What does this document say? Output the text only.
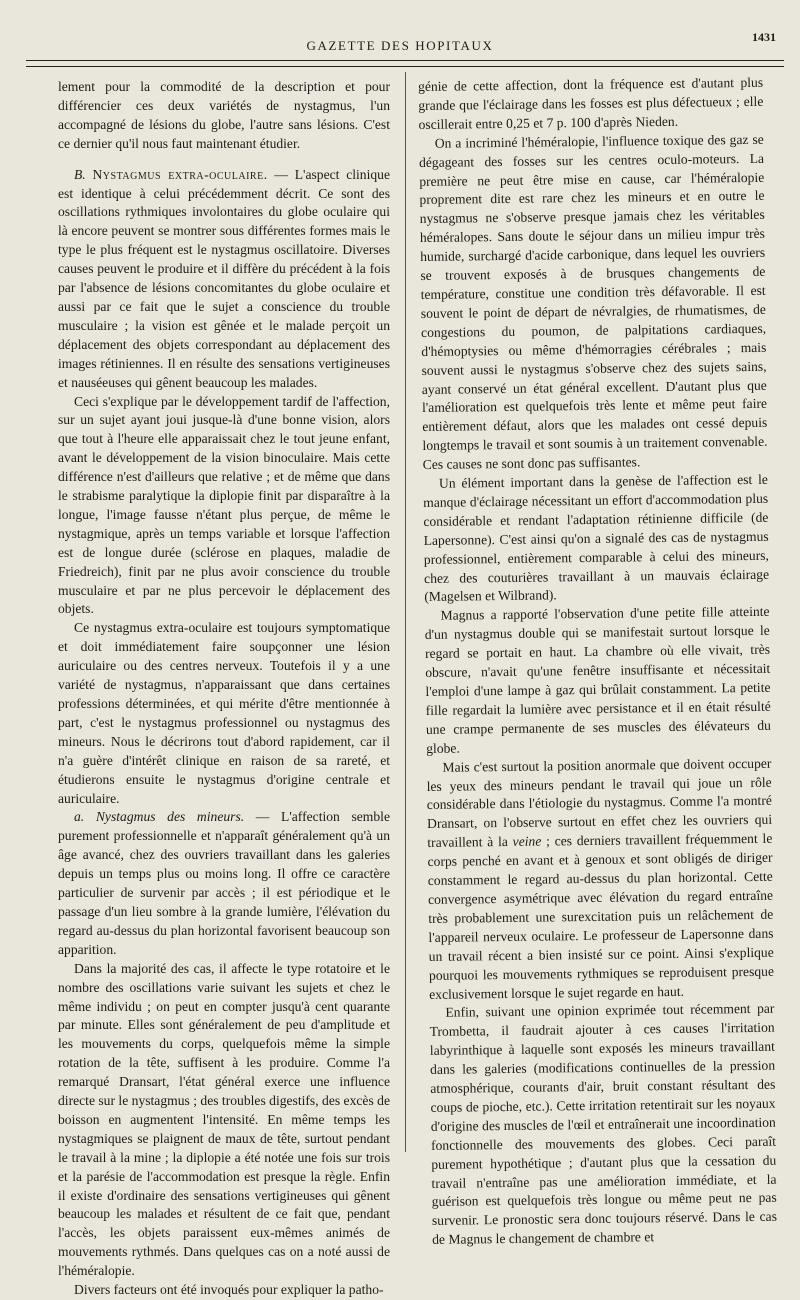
GAZETTE DES HOPITAUX
1431

lement pour la commodité de la description et pour différencier ces deux variétés de nystagmus, l'un accompagné de lésions du globe, l'autre sans lésions. C'est ce dernier qu'il nous faut maintenant étudier.

B. Nystagmus extra-oculaire. — L'aspect clinique est identique à celui précédemment décrit. Ce sont des oscillations rythmiques involontaires du globe oculaire qui là encore peuvent se montrer sous différentes formes mais le type le plus fréquent est le nystagmus oscillatoire. Diverses causes peuvent le produire et il diffère du précédent à la fois par l'absence de lésions concomitantes du globe oculaire et aussi par ce fait que le sujet a conscience du trouble musculaire ; la vision est gênée et le malade perçoit un déplacement des objets correspondant au déplacement des images rétiniennes. Il en résulte des sensations vertigineuses et nauséeuses qui gênent beaucoup les malades.

Ceci s'explique par le développement tardif de l'affection, sur un sujet ayant joui jusque-là d'une bonne vision, alors que tout à l'heure elle apparaissait chez le tout jeune enfant, avant le développement de la vision binoculaire. Mais cette différence n'est d'ailleurs que relative ; et de même que dans le strabisme paralytique la diplopie finit par disparaître à la longue, l'image fausse n'étant plus perçue, de même le nystagmique, après un temps variable et lorsque l'affection est de longue durée (sclérose en plaques, maladie de Friedreich), finit par ne plus avoir conscience du trouble musculaire et par ne plus percevoir le déplacement des objets.

Ce nystagmus extra-oculaire est toujours symptomatique et doit immédiatement faire soupçonner une lésion auriculaire ou des centres nerveux. Toutefois il y a une variété de nystagmus, n'apparaissant que dans certaines professions déterminées, et qui mérite d'être mentionnée à part, c'est le nystagmus professionnel ou nystagmus des mineurs. Nous le décrirons tout d'abord rapidement, car il n'a guère d'intérêt clinique en raison de sa rareté, et étudierons ensuite le nystagmus d'origine centrale et auriculaire.

a. Nystagmus des mineurs. — L'affection semble purement professionnelle et n'apparaît généralement qu'à un âge avancé, chez des ouvriers travaillant dans les galeries depuis un temps plus ou moins long. Il offre ce caractère particulier de survenir par accès ; il est périodique et le passage d'un lieu sombre à la grande lumière, l'élévation du regard au-dessus du plan horizontal favorisent beaucoup son apparition.

Dans la majorité des cas, il affecte le type rotatoire et le nombre des oscillations varie suivant les sujets et chez le même individu ; on peut en compter jusqu'à cent quarante par minute. Elles sont généralement de peu d'amplitude et les mouvements du corps, quelquefois même la simple rotation de la tête, suffisent à les produire. Comme l'a remarqué Dransart, l'état général exerce une influence directe sur le nystagmus ; des troubles digestifs, des excès de boisson en augmentent l'intensité. En même temps les nystagmiques se plaignent de maux de tête, surtout pendant le travail à la mine ; la diplopie a été notée une fois sur trois et la parésie de l'accommodation est presque la règle. Enfin il existe d'ordinaire des sensations vertigineuses qui gênent beaucoup les malades et résultent de ce fait que, pendant l'accès, les objets paraissent eux-mêmes animés de mouvements rythmés. Dans quelques cas on a noté aussi de l'héméralopie.

Divers facteurs ont été invoqués pour expliquer la patho-

génie de cette affection, dont la fréquence est d'autant plus grande que l'éclairage dans les fosses est plus défectueux ; elle oscillerait entre 0,25 et 7 p. 100 d'après Nieden.

On a incriminé l'héméralopie, l'influence toxique des gaz se dégageant des fosses sur les centres oculo-moteurs. La première ne peut être mise en cause, car l'héméralopie proprement dite est rare chez les mineurs et en outre le nystagmus ne s'observe presque jamais chez les véritables héméralopes. Sans doute le séjour dans un milieu impur très humide, surchargé d'acide carbonique, dans lequel les ouvriers se trouvent exposés à de brusques changements de température, constitue une condition très défavorable. Il est souvent le point de départ de névralgies, de rhumatismes, de congestions du poumon, de palpitations cardiaques, d'hémoptysies ou même d'hémorragies cérébrales ; mais souvent aussi le nystagmus s'observe chez des sujets sains, ayant conservé un état général excellent. D'autant plus que l'amélioration est quelquefois très lente et même peut faire entièrement défaut, alors que les malades ont cessé depuis longtemps le travail et sont soumis à un traitement convenable. Ces causes ne sont donc pas suffisantes.

Un élément important dans la genèse de l'affection est le manque d'éclairage nécessitant un effort d'accommodation plus considérable et rendant l'adaptation rétinienne difficile (de Lapersonne). C'est ainsi qu'on a signalé des cas de nystagmus professionnel, entièrement comparable à celui des mineurs, chez des couturières travaillant à un mauvais éclairage (Magelsen et Wilbrand).

Magnus a rapporté l'observation d'une petite fille atteinte d'un nystagmus double qui se manifestait surtout lorsque le regard se portait en haut. La chambre où elle vivait, très obscure, n'avait qu'une fenêtre insuffisante et nécessitait l'emploi d'une lampe à gaz qui brûlait constamment. La petite fille regardait la lumière avec persistance et il en était résulté une crampe permanente de ses muscles des élévateurs du globe.

Mais c'est surtout la position anormale que doivent occuper les yeux des mineurs pendant le travail qui joue un rôle considérable dans l'étiologie du nystagmus. Comme l'a montré Dransart, on l'observe surtout en effet chez les ouvriers qui travaillent à la veine ; ces derniers travaillent fréquemment le corps penché en avant et à genoux et sont obligés de diriger constamment le regard au-dessus du plan horizontal. Cette convergence asymétrique avec élévation du regard entraîne très probablement une surexcitation puis un relâchement de l'appareil nerveux oculaire. Le professeur de Lapersonne dans un travail récent a bien insisté sur ce point. Ainsi s'explique pourquoi les mouvements rythmiques se reproduisent presque exclusivement lorsque le sujet regarde en haut.

Enfin, suivant une opinion exprimée tout récemment par Trombetta, il faudrait ajouter à ces causes l'irritation labyrinthique à laquelle sont exposés les mineurs travaillant dans les galeries (modifications continuelles de la pression atmosphérique, courants d'air, bruit constant résultant des coups de pioche, etc.). Cette irritation retentirait sur les noyaux d'origine des muscles de l'œil et entraînerait une incoordination fonctionnelle des mouvements des globes. Ceci paraît purement hypothétique ; d'autant plus que la cessation du travail n'entraîne pas une amélioration immédiate, et la guérison est quelquefois très longue ou même peut ne pas survenir. Le pronostic sera donc toujours réservé. Dans le cas de Magnus le changement de chambre et
